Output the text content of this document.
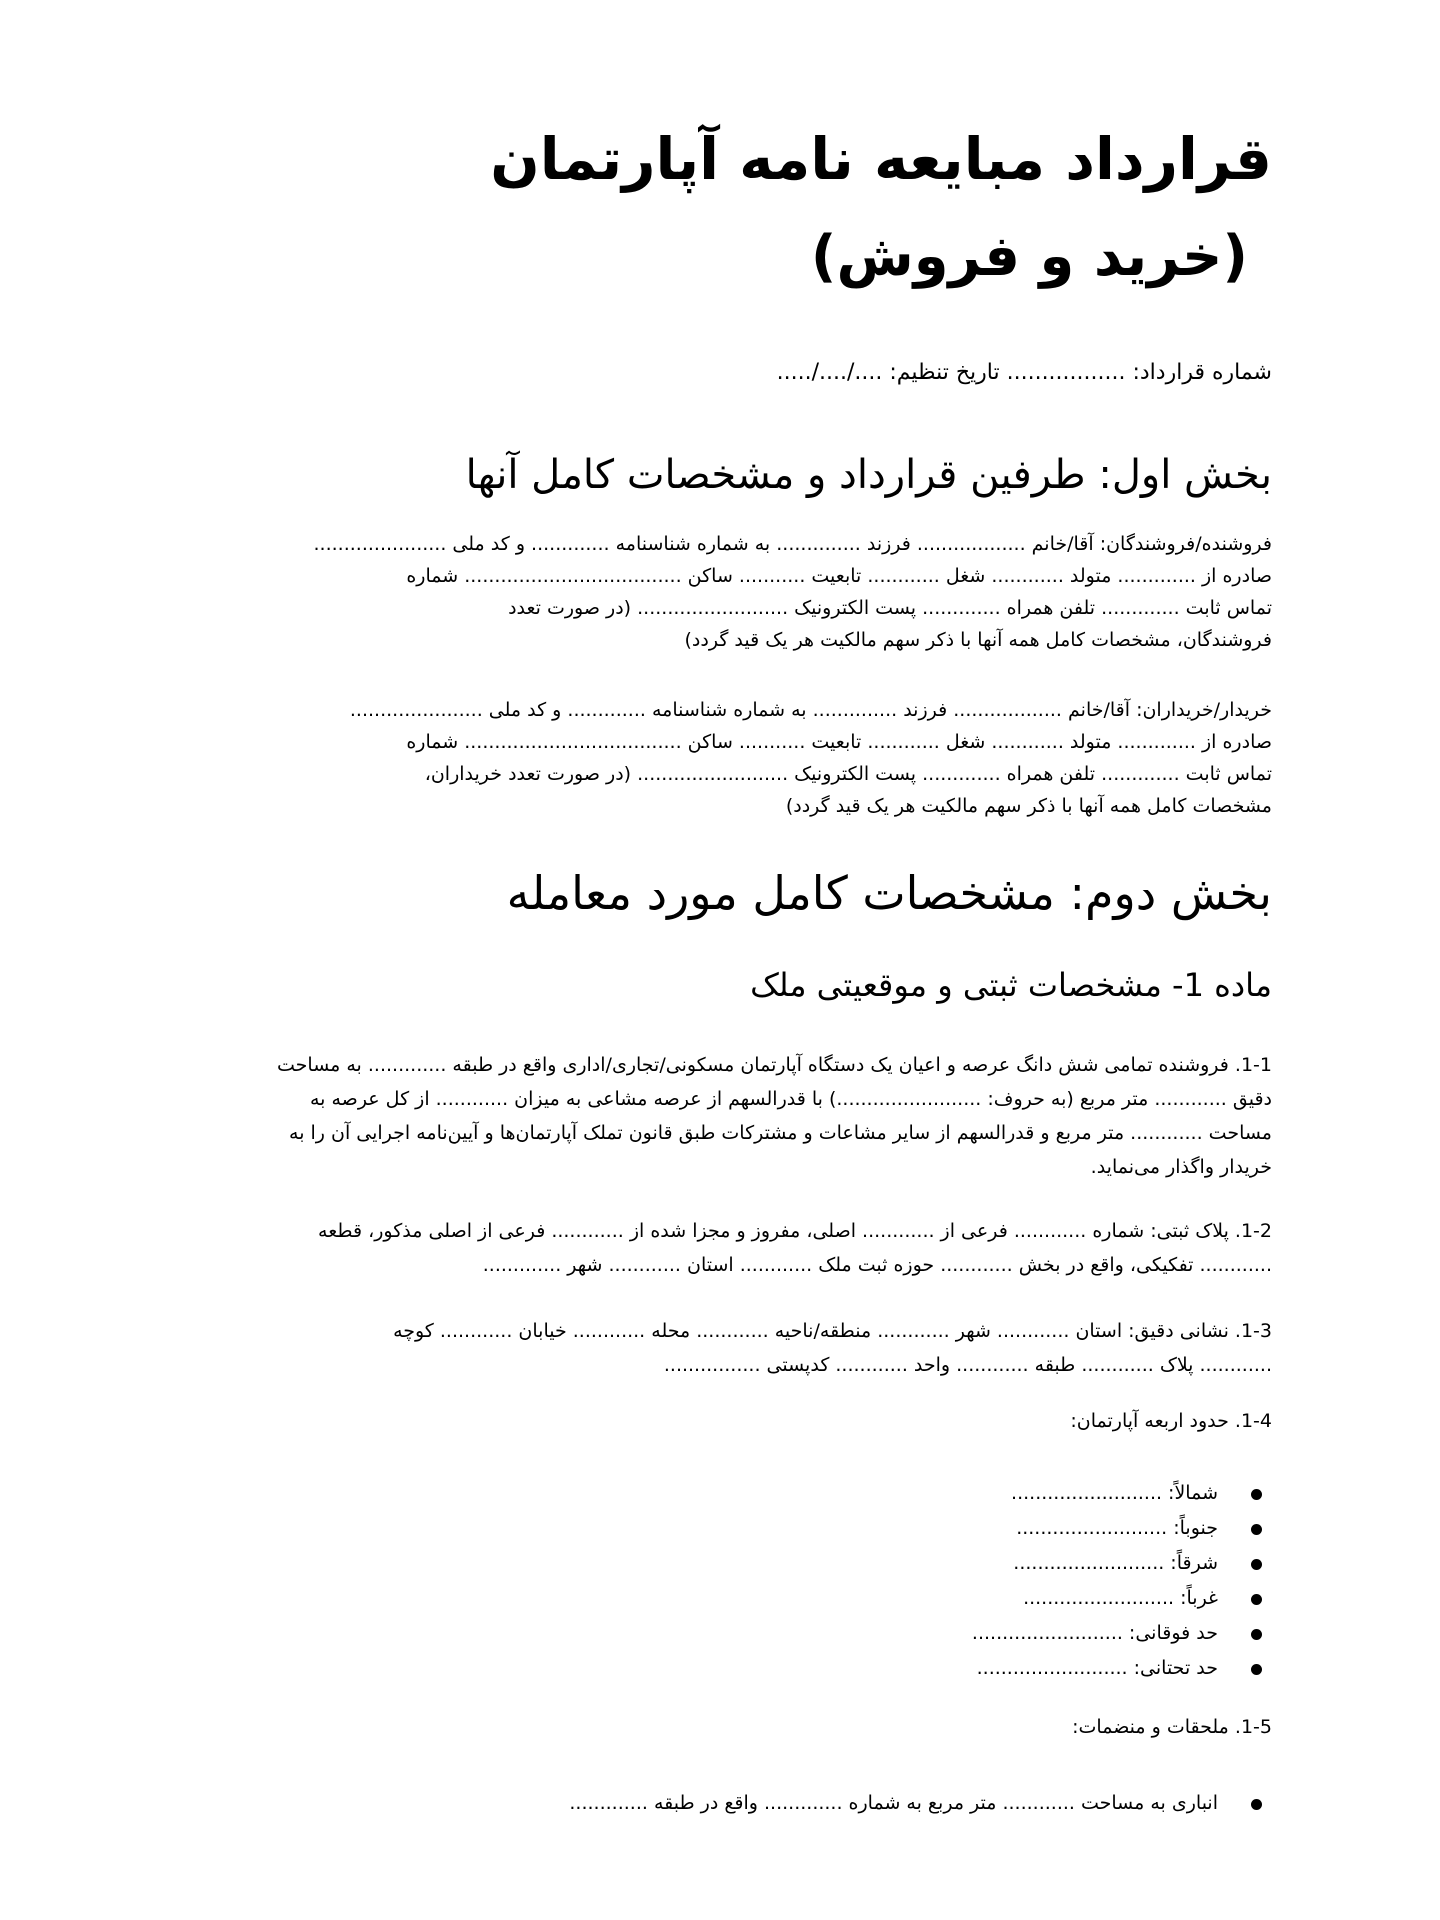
قرارداد مبایعه نامه آپارتمان
(خرید و فروش)
شماره قرارداد: ................. تاریخ تنظیم: ..../..../.....
بخش اول: طرفین قرارداد و مشخصات کامل آنها
فروشنده/فروشندگان: آقا/خانم .................. فرزند .............. به شماره شناسنامه ............. و کد ملی ......................
صادره از ............. متولد ............ شغل ............ تابعیت ........... ساکن .................................... شماره
تماس ثابت ............. تلفن همراه ............. پست الکترونیک ......................... (در صورت تعدد
فروشندگان، مشخصات کامل همه آنها با ذکر سهم مالکیت هر یک قید گردد)
خریدار/خریداران: آقا/خانم .................. فرزند .............. به شماره شناسنامه ............. و کد ملی ......................
صادره از ............. متولد ............ شغل ............ تابعیت ........... ساکن .................................... شماره
تماس ثابت ............. تلفن همراه ............. پست الکترونیک ......................... (در صورت تعدد خریداران،
مشخصات کامل همه آنها با ذکر سهم مالکیت هر یک قید گردد)
بخش دوم: مشخصات کامل مورد معامله
ماده 1- مشخصات ثبتی و موقعیتی ملک
1-1. فروشنده تمامی شش دانگ عرصه و اعیان یک دستگاه آپارتمان مسکونی/تجاری/اداری واقع در طبقه ............. به مساحت
دقیق ............ متر مربع (به حروف: ........................) با قدرالسهم از عرصه مشاعی به میزان ............ از کل عرصه به
مساحت ............ متر مربع و قدرالسهم از سایر مشاعات و مشترکات طبق قانون تملک آپارتمان‌ها و آیین‌نامه اجرایی آن را به
خریدار واگذار می‌نماید.
1-2. پلاک ثبتی: شماره ............ فرعی از ............ اصلی، مفروز و مجزا شده از ............ فرعی از اصلی مذکور، قطعه
............ تفکیکی، واقع در بخش ............ حوزه ثبت ملک ............ استان ............ شهر .............
1-3. نشانی دقیق: استان ............ شهر ............ منطقه/ناحیه ............ محله ............ خیابان ............ کوچه
............ پلاک ............ طبقه ............ واحد ............ کدپستی ................
1-4. حدود اربعه آپارتمان:
شمالاً: .........................
جنوباً: .........................
شرقاً: .........................
غرباً: .........................
حد فوقانی: .........................
حد تحتانی: .........................
1-5. ملحقات و منضمات:
انباری به مساحت ............ متر مربع به شماره ............. واقع در طبقه .............
